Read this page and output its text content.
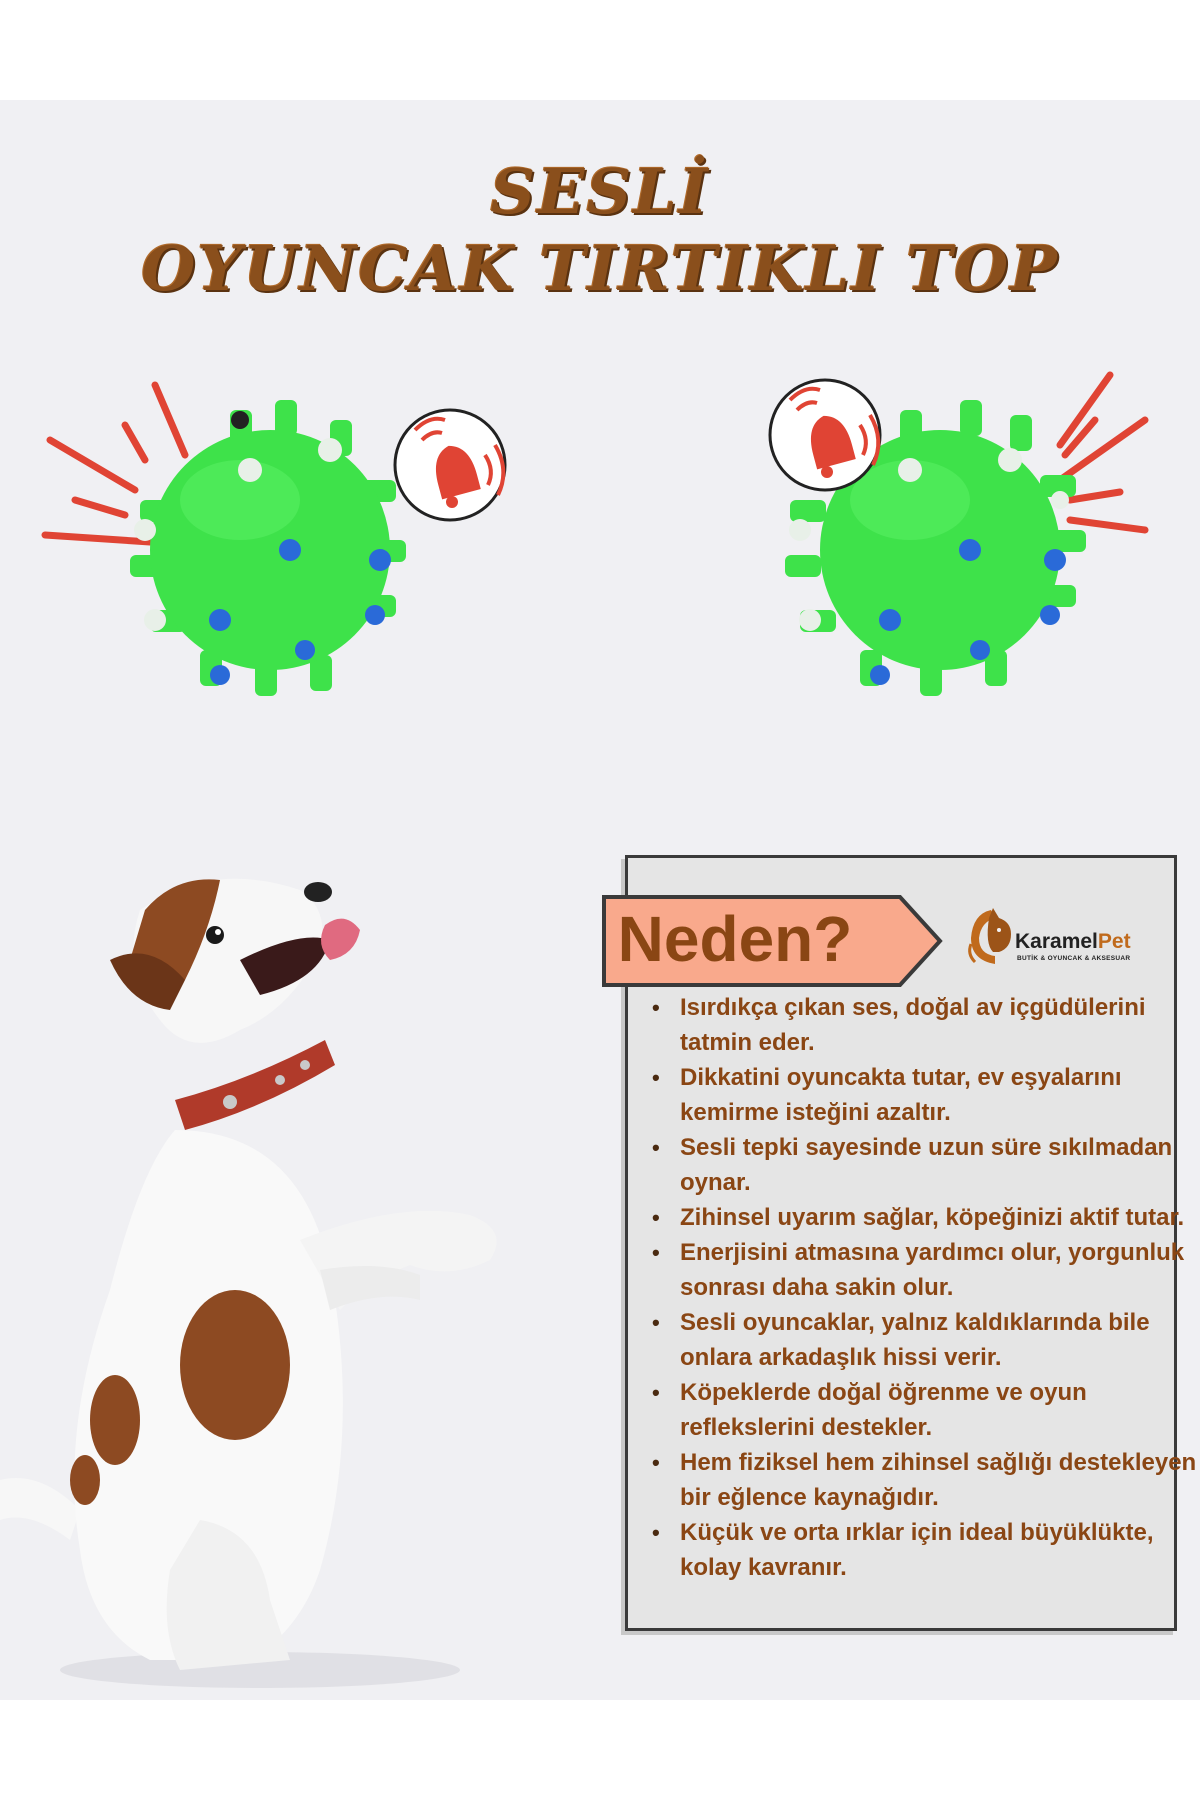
SESLİ
OYUNCAK TIRTIKLI TOP
Neden?	KaramelPet
BUTİK & OYUNCAK & AKSESUAR
• Isırdıkça çıkan ses, doğal av içgüdülerini tatmin eder.
• Dikkatini oyuncakta tutar, ev eşyalarını kemirme isteğini azaltır.
• Sesli tepki sayesinde uzun süre sıkılmadan oynar.
• Zihinsel uyarım sağlar, köpeğinizi aktif tutar.
• Enerjisini atmasına yardımcı olur, yorgunluk sonrası daha sakin olur.
• Sesli oyuncaklar, yalnız kaldıklarında bile onlara arkadaşlık hissi verir.
• Köpeklerde doğal öğrenme ve oyun reflekslerini destekler.
• Hem fiziksel hem zihinsel sağlığı destekleyen bir eğlence kaynağıdır.
• Küçük ve orta ırklar için ideal büyüklükte, kolay kavranır.
